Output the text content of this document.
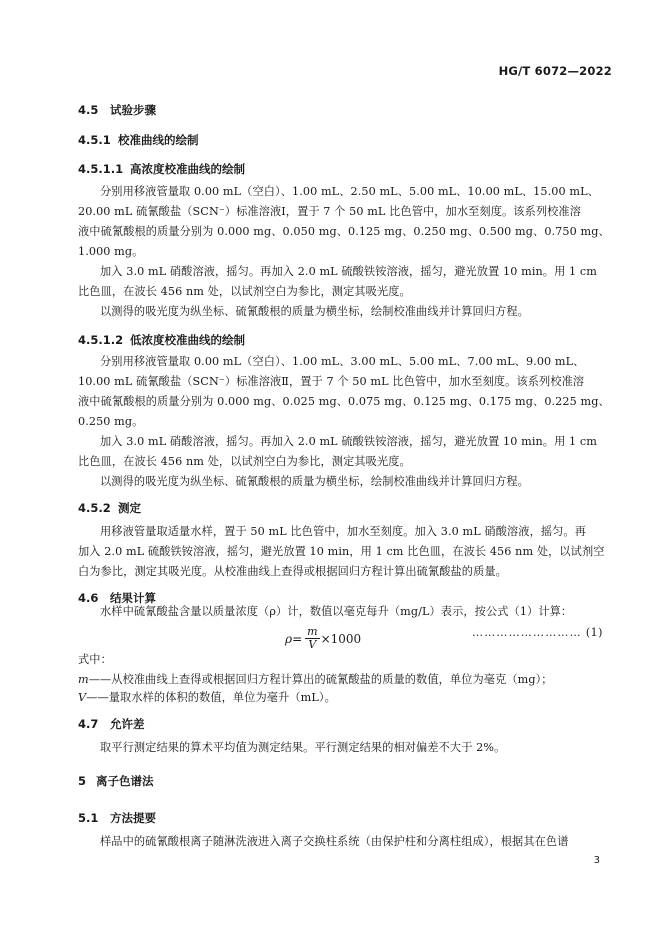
HG/T 6072—2022
4.5 试验步骤
4.5.1 校准曲线的绘制
4.5.1.1 高浓度校准曲线的绘制
分别用移液管量取 0.00 mL（空白）、1.00 mL、2.50 mL、5.00 mL、10.00 mL、15.00 mL、
20.00 mL 硫氰酸盐（SCN⁻）标准溶液Ⅰ，置于 7 个 50 mL 比色管中，加水至刻度。该系列校准溶
液中硫氰酸根的质量分别为 0.000 mg、0.050 mg、0.125 mg、0.250 mg、0.500 mg、0.750 mg、
1.000 mg。
加入 3.0 mL 硝酸溶液，摇匀。再加入 2.0 mL 硫酸铁铵溶液，摇匀，避光放置 10 min。用 1 cm
比色皿，在波长 456 nm 处，以试剂空白为参比，测定其吸光度。
以测得的吸光度为纵坐标、硫氰酸根的质量为横坐标，绘制校准曲线并计算回归方程。
4.5.1.2 低浓度校准曲线的绘制
分别用移液管量取 0.00 mL（空白）、1.00 mL、3.00 mL、5.00 mL、7.00 mL、9.00 mL、
10.00 mL 硫氰酸盐（SCN⁻）标准溶液Ⅱ，置于 7 个 50 mL 比色管中，加水至刻度。该系列校准溶
液中硫氰酸根的质量分别为 0.000 mg、0.025 mg、0.075 mg、0.125 mg、0.175 mg、0.225 mg、
0.250 mg。
加入 3.0 mL 硝酸溶液，摇匀。再加入 2.0 mL 硫酸铁铵溶液，摇匀，避光放置 10 min。用 1 cm
比色皿，在波长 456 nm 处，以试剂空白为参比，测定其吸光度。
以测得的吸光度为纵坐标、硫氰酸根的质量为横坐标，绘制校准曲线并计算回归方程。
4.5.2 测定
用移液管量取适量水样，置于 50 mL 比色管中，加水至刻度。加入 3.0 mL 硝酸溶液，摇匀。再
加入 2.0 mL 硫酸铁铵溶液，摇匀，避光放置 10 min，用 1 cm 比色皿，在波长 456 nm 处，以试剂空
白为参比，测定其吸光度。从校准曲线上查得或根据回归方程计算出硫氰酸盐的质量。
4.6 结果计算
水样中硫氰酸盐含量以质量浓度（ρ）计，数值以毫克每升（mg/L）表示，按公式（1）计算：
$\rho = \frac{m}{V} \times 1000$	……………………… (1)
式中：
m——从校准曲线上查得或根据回归方程计算出的硫氰酸盐的质量的数值，单位为毫克（mg）；
V——量取水样的体积的数值，单位为毫升（mL）。
4.7 允许差
取平行测定结果的算术平均值为测定结果。平行测定结果的相对偏差不大于 2%。
5 离子色谱法
5.1 方法提要
样品中的硫氰酸根离子随淋洗液进入离子交换柱系统（由保护柱和分离柱组成），根据其在色谱
3
